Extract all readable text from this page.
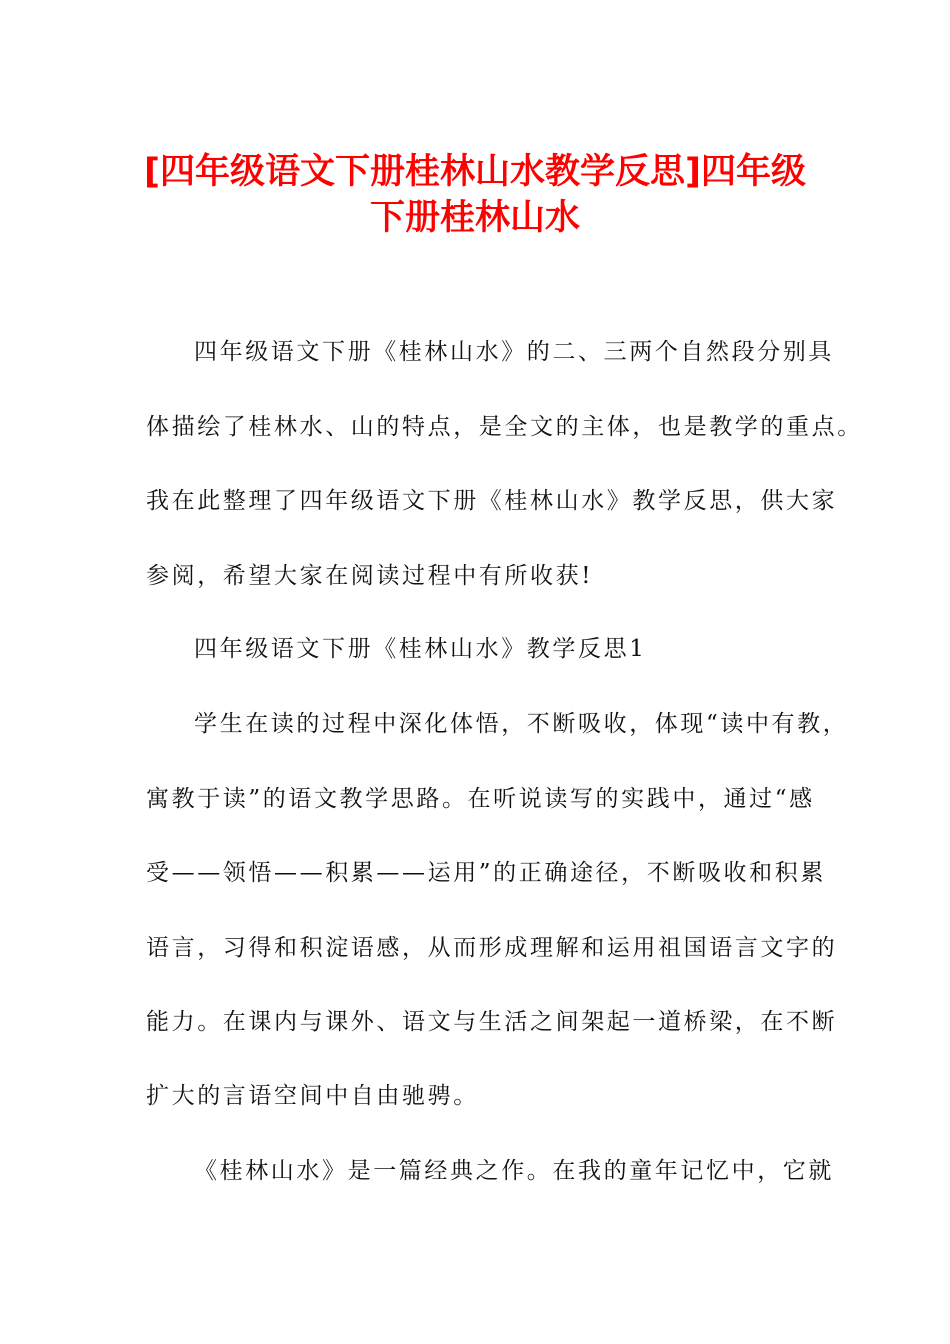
[四年级语文下册桂林山水教学反思]四年级
下册桂林山水

四年级语文下册《桂林山水》的二、三两个自然段分别具

体描绘了桂林水、山的特点，是全文的主体，也是教学的重点。

我在此整理了四年级语文下册《桂林山水》教学反思，供大家

参阅，希望大家在阅读过程中有所收获!

四年级语文下册《桂林山水》教学反思1

学生在读的过程中深化体悟，不断吸收，体现“读中有教，

寓教于读”的语文教学思路。在听说读写的实践中，通过“感

受——领悟——积累——运用”的正确途径，不断吸收和积累

语言，习得和积淀语感，从而形成理解和运用祖国语言文字的

能力。在课内与课外、语文与生活之间架起一道桥梁，在不断

扩大的言语空间中自由驰骋。

《桂林山水》是一篇经典之作。在我的童年记忆中，它就
